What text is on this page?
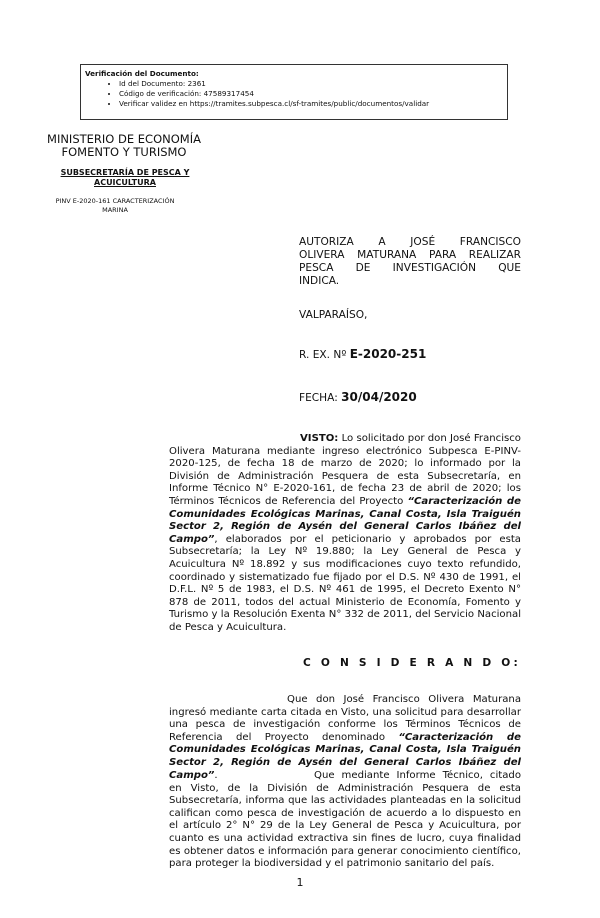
Verificación del Documento:
• Id del Documento: 2361
• Código de verificación: 47589317454
• Verificar validez en https://tramites.subpesca.cl/sf-tramites/public/documentos/validar
MINISTERIO DE ECONOMÍA
FOMENTO Y TURISMO
SUBSECRETARÍA DE PESCA Y
ACUICULTURA
PINV E-2020-161 CARACTERIZACIÓN
MARINA
AUTORIZA A JOSÉ FRANCISCO
OLIVERA MATURANA PARA REALIZAR
PESCA DE INVESTIGACIÓN QUE
INDICA.
VALPARAÍSO,
R. EX. Nº E-2020-251
FECHA: 30/04/2020
VISTO: Lo solicitado por don José Francisco Olivera Maturana mediante ingreso electrónico Subpesca E-PINV-2020-125, de fecha 18 de marzo de 2020; lo informado por la División de Administración Pesquera de esta Subsecretaría, en Informe Técnico N° E-2020-161, de fecha 23 de abril de 2020; los Términos Técnicos de Referencia del Proyecto “Caracterización de Comunidades Ecológicas Marinas, Canal Costa, Isla Traiguén Sector 2, Región de Aysén del General Carlos Ibáñez del Campo”, elaborados por el peticionario y aprobados por esta Subsecretaría; la Ley Nº 19.880; la Ley General de Pesca y Acuicultura Nº 18.892 y sus modificaciones cuyo texto refundido, coordinado y sistematizado fue fijado por el D.S. Nº 430 de 1991, el D.F.L. Nº 5 de 1983, el D.S. Nº 461 de 1995, el Decreto Exento N° 878 de 2011, todos del actual Ministerio de Economía, Fomento y Turismo y la Resolución Exenta N° 332 de 2011, del Servicio Nacional de Pesca y Acuicultura.
C O N S I D E R A N D O:
Que don José Francisco Olivera Maturana ingresó mediante carta citada en Visto, una solicitud para desarrollar una pesca de investigación conforme los Términos Técnicos de Referencia del Proyecto denominado “Caracterización de Comunidades Ecológicas Marinas, Canal Costa, Isla Traiguén Sector 2, Región de Aysén del General Carlos Ibáñez del Campo”.	Que mediante Informe Técnico, citado en Visto, de la División de Administración Pesquera de esta Subsecretaría, informa que las actividades planteadas en la solicitud califican como pesca de investigación de acuerdo a lo dispuesto en el artículo 2° N° 29 de la Ley General de Pesca y Acuicultura, por cuanto es una actividad extractiva sin fines de lucro, cuya finalidad es obtener datos e información para generar conocimiento científico, para proteger la biodiversidad y el patrimonio sanitario del país.
1
